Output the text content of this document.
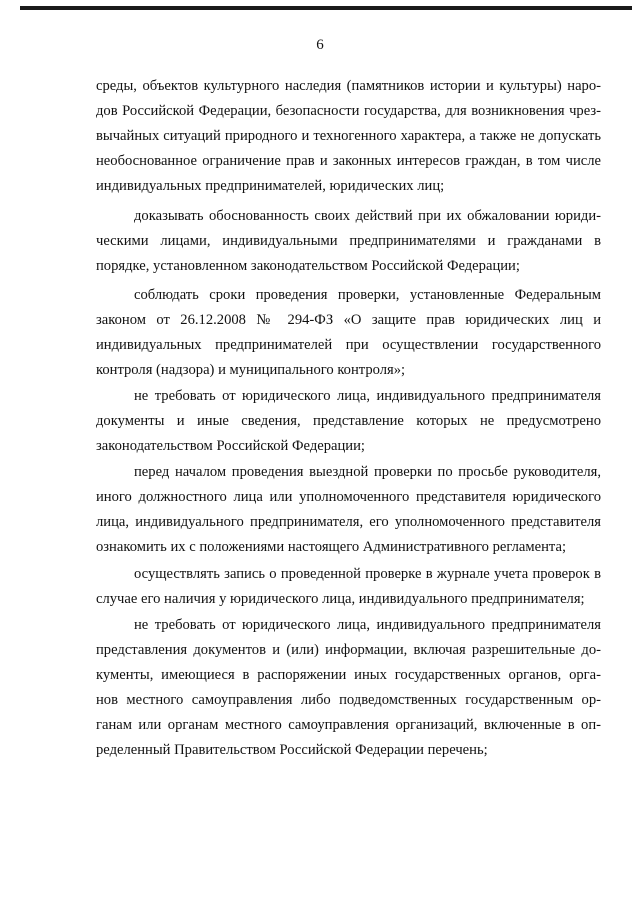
6
среды, объектов культурного наследия (памятников истории и культуры) наро-
дов Российской Федерации, безопасности государства, для возникновения чрез-
вычайных ситуаций природного и техногенного характера, а также не допускать
необоснованное ограничение прав и законных интересов граждан, в том числе
индивидуальных предпринимателей, юридических лиц;
доказывать обоснованность своих действий при их обжаловании юриди-
ческими лицами, индивидуальными предпринимателями и гражданами в
порядке, установленном законодательством Российской Федерации;
соблюдать сроки проведения проверки, установленные Федеральным
законом от 26.12.2008 № 294-ФЗ «О защите прав юридических лиц и
индивидуальных предпринимателей при осуществлении государственного
контроля (надзора) и муниципального контроля»;
не требовать от юридического лица, индивидуального предпринимателя
документы и иные сведения, представление которых не предусмотрено
законодательством Российской Федерации;
перед началом проведения выездной проверки по просьбе руководителя,
иного должностного лица или уполномоченного представителя юридического
лица, индивидуального предпринимателя, его уполномоченного представителя
ознакомить их с положениями настоящего Административного регламента;
осуществлять запись о проведенной проверке в журнале учета проверок в
случае его наличия у юридического лица, индивидуального предпринимателя;
не требовать от юридического лица, индивидуального предпринимателя
представления документов и (или) информации, включая разрешительные до-
кументы, имеющиеся в распоряжении иных государственных органов, орга-
нов местного самоуправления либо подведомственных государственным ор-
ганам или органам местного самоуправления организаций, включенные в оп-
ределенный Правительством Российской Федерации перечень;
